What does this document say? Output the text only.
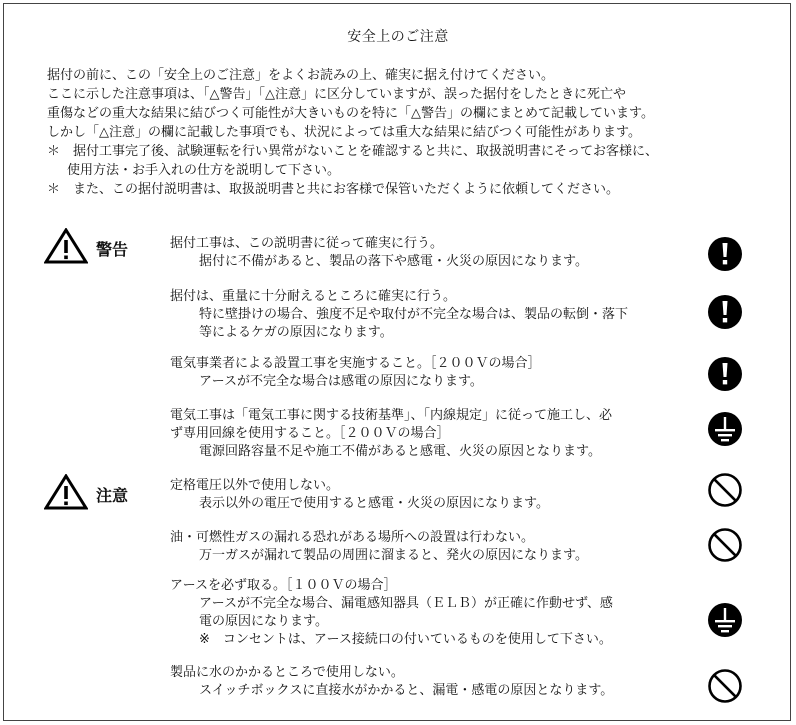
安全上のご注意
据付の前に、この「安全上のご注意」をよくお読みの上、確実に据え付けてください。
ここに示した注意事項は、「△警告」「△注意」に区分していますが、誤った据付をしたときに死亡や
重傷などの重大な結果に結びつく可能性が大きいものを特に「△警告」の欄にまとめて記載しています。
しかし「△注意」の欄に記載した事項でも、状況によっては重大な結果に結びつく可能性があります。
＊　据付工事完了後、試験運転を行い異常がないことを確認すると共に、取扱説明書にそってお客様に、
使用方法・お手入れの仕方を説明して下さい。
＊　また、この据付説明書は、取扱説明書と共にお客様で保管いただくように依頼してください。
警告
注意
据付工事は、この説明書に従って確実に行う。
据付に不備があると、製品の落下や感電・火災の原因になります。
据付は、重量に十分耐えるところに確実に行う。
特に壁掛けの場合、強度不足や取付が不完全な場合は、製品の転倒・落下
等によるケガの原因になります。
電気事業者による設置工事を実施すること。［２００Ｖの場合］
アースが不完全な場合は感電の原因になります。
電気工事は「電気工事に関する技術基準」、「内線規定」に従って施工し、必
ず専用回線を使用すること。［２００Ｖの場合］
電源回路容量不足や施工不備があると感電、火災の原因となります。
定格電圧以外で使用しない。
表示以外の電圧で使用すると感電・火災の原因になります。
油・可燃性ガスの漏れる恐れがある場所への設置は行わない。
万一ガスが漏れて製品の周囲に溜まると、発火の原因になります。
アースを必ず取る。［１００Ｖの場合］
アースが不完全な場合、漏電感知器具（ＥＬＢ）が正確に作動せず、感
電の原因になります。
※　コンセントは、アース接続口の付いているものを使用して下さい。
製品に水のかかるところで使用しない。
スイッチボックスに直接水がかかると、漏電・感電の原因となります。
